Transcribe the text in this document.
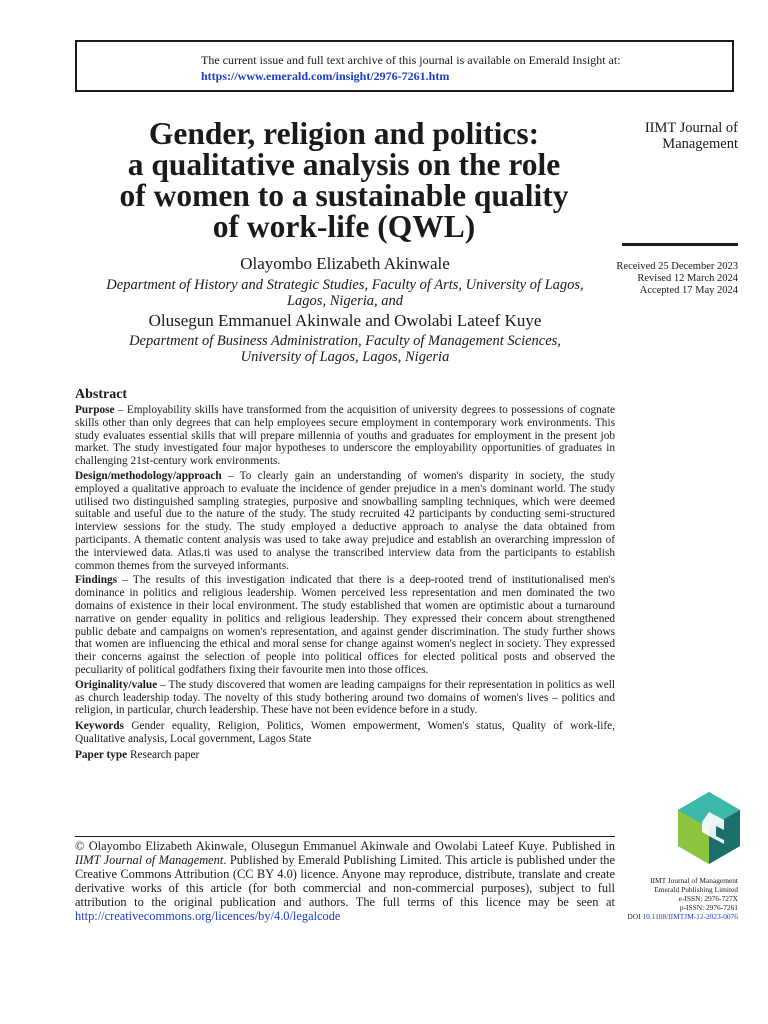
The current issue and full text archive of this journal is available on Emerald Insight at:
https://www.emerald.com/insight/2976-7261.htm
Gender, religion and politics:
a qualitative analysis on the role
of women to a sustainable quality
of work-life (QWL)
IIMT Journal of
Management
Received 25 December 2023
Revised 12 March 2024
Accepted 17 May 2024
Olayombo Elizabeth Akinwale
Department of History and Strategic Studies, Faculty of Arts, University of Lagos,
Lagos, Nigeria, and
Olusegun Emmanuel Akinwale and Owolabi Lateef Kuye
Department of Business Administration, Faculty of Management Sciences,
University of Lagos, Lagos, Nigeria
Abstract

Purpose – Employability skills have transformed from the acquisition of university degrees to possessions of cognate skills other than only degrees that can help employees secure employment in contemporary work environments. This study evaluates essential skills that will prepare millennia of youths and graduates for employment in the present job market. The study investigated four major hypotheses to underscore the employability opportunities of graduates in challenging 21st-century work environments.

Design/methodology/approach – To clearly gain an understanding of women's disparity in society, the study employed a qualitative approach to evaluate the incidence of gender prejudice in a men's dominant world. The study utilised two distinguished sampling strategies, purposive and snowballing sampling techniques, which were deemed suitable and useful due to the nature of the study. The study recruited 42 participants by conducting semi-structured interview sessions for the study. The study employed a deductive approach to analyse the data obtained from participants. A thematic content analysis was used to take away prejudice and establish an overarching impression of the interviewed data. Atlas.ti was used to analyse the transcribed interview data from the participants to establish common themes from the surveyed informants.

Findings – The results of this investigation indicated that there is a deep-rooted trend of institutionalised men's dominance in politics and religious leadership. Women perceived less representation and men dominated the two domains of existence in their local environment. The study established that women are optimistic about a turnaround narrative on gender equality in politics and religious leadership. They expressed their concern about strengthened public debate and campaigns on women's representation, and against gender discrimination. The study further shows that women are influencing the ethical and moral sense for change against women's neglect in society. They expressed their concerns against the selection of people into political offices for elected political posts and observed the peculiarity of political godfathers fixing their favourite men into those offices.

Originality/value – The study discovered that women are leading campaigns for their representation in politics as well as church leadership today. The novelty of this study bothering around two domains of women's lives – politics and religion, in particular, church leadership. These have not been evidence before in a study.

Keywords Gender equality, Religion, Politics, Women empowerment, Women's status, Quality of work-life, Qualitative analysis, Local government, Lagos State

Paper type Research paper

© Olayombo Elizabeth Akinwale, Olusegun Emmanuel Akinwale and Owolabi Lateef Kuye. Published in IIMT Journal of Management. Published by Emerald Publishing Limited. This article is published under the Creative Commons Attribution (CC BY 4.0) licence. Anyone may reproduce, distribute, translate and create derivative works of this article (for both commercial and non-commercial purposes), subject to full attribution to the original publication and authors. The full terms of this licence may be seen at http://creativecommons.org/licences/by/4.0/legalcode
IIMT Journal of Management
Emerald Publishing Limited
e-ISSN: 2976-727X
p-ISSN: 2976-7261
DOI 10.1108/IIMTJM-12-2023-0076
